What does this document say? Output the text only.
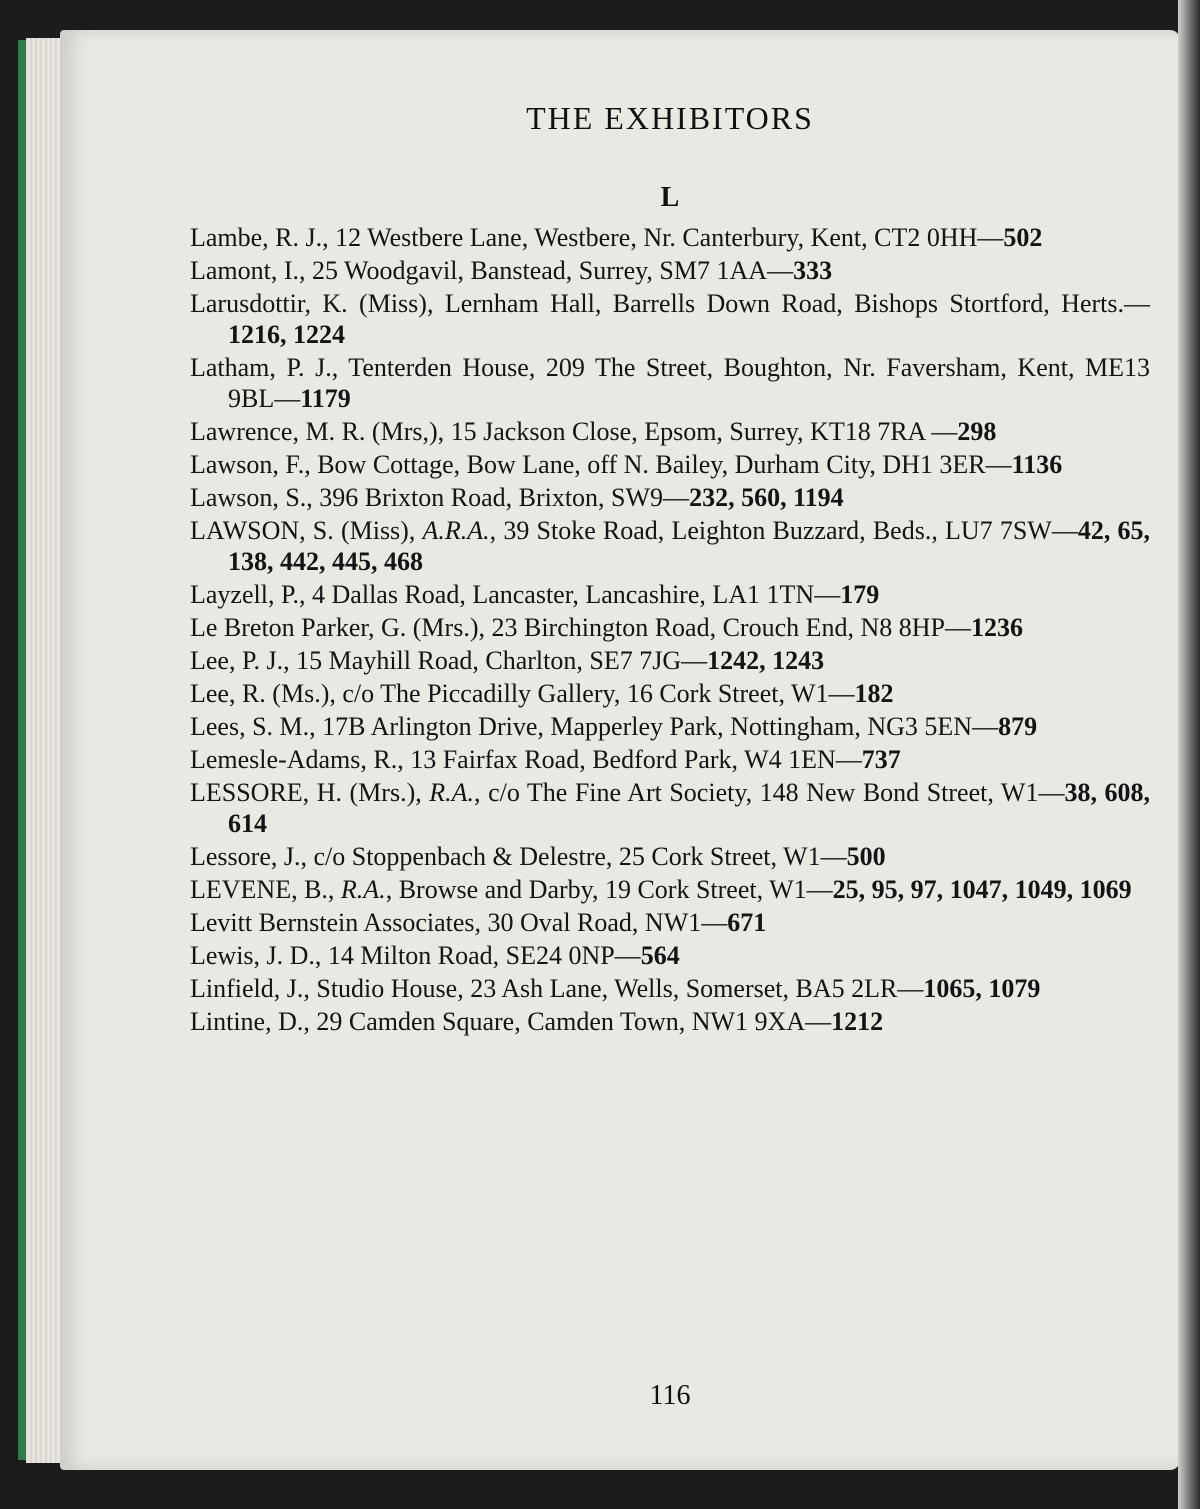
THE EXHIBITORS
L
Lambe, R. J., 12 Westbere Lane, Westbere, Nr. Canterbury, Kent, CT2 0HH—502
Lamont, I., 25 Woodgavil, Banstead, Surrey, SM7 1AA—333
Larusdottir, K. (Miss), Lernham Hall, Barrells Down Road, Bishops Stortford, Herts.—1216, 1224
Latham, P. J., Tenterden House, 209 The Street, Boughton, Nr. Faversham, Kent, ME13 9BL—1179
Lawrence, M. R. (Mrs,), 15 Jackson Close, Epsom, Surrey, KT18 7RA —298
Lawson, F., Bow Cottage, Bow Lane, off N. Bailey, Durham City, DH1 3ER—1136
Lawson, S., 396 Brixton Road, Brixton, SW9—232, 560, 1194
LAWSON, S. (Miss), A.R.A., 39 Stoke Road, Leighton Buzzard, Beds., LU7 7SW—42, 65, 138, 442, 445, 468
Layzell, P., 4 Dallas Road, Lancaster, Lancashire, LA1 1TN—179
Le Breton Parker, G. (Mrs.), 23 Birchington Road, Crouch End, N8 8HP—1236
Lee, P. J., 15 Mayhill Road, Charlton, SE7 7JG—1242, 1243
Lee, R. (Ms.), c/o The Piccadilly Gallery, 16 Cork Street, W1—182
Lees, S. M., 17B Arlington Drive, Mapperley Park, Nottingham, NG3 5EN—879
Lemesle-Adams, R., 13 Fairfax Road, Bedford Park, W4 1EN—737
LESSORE, H. (Mrs.), R.A., c/o The Fine Art Society, 148 New Bond Street, W1—38, 608, 614
Lessore, J., c/o Stoppenbach & Delestre, 25 Cork Street, W1—500
LEVENE, B., R.A., Browse and Darby, 19 Cork Street, W1—25, 95, 97, 1047, 1049, 1069
Levitt Bernstein Associates, 30 Oval Road, NW1—671
Lewis, J. D., 14 Milton Road, SE24 0NP—564
Linfield, J., Studio House, 23 Ash Lane, Wells, Somerset, BA5 2LR—1065, 1079
Lintine, D., 29 Camden Square, Camden Town, NW1 9XA—1212
116
